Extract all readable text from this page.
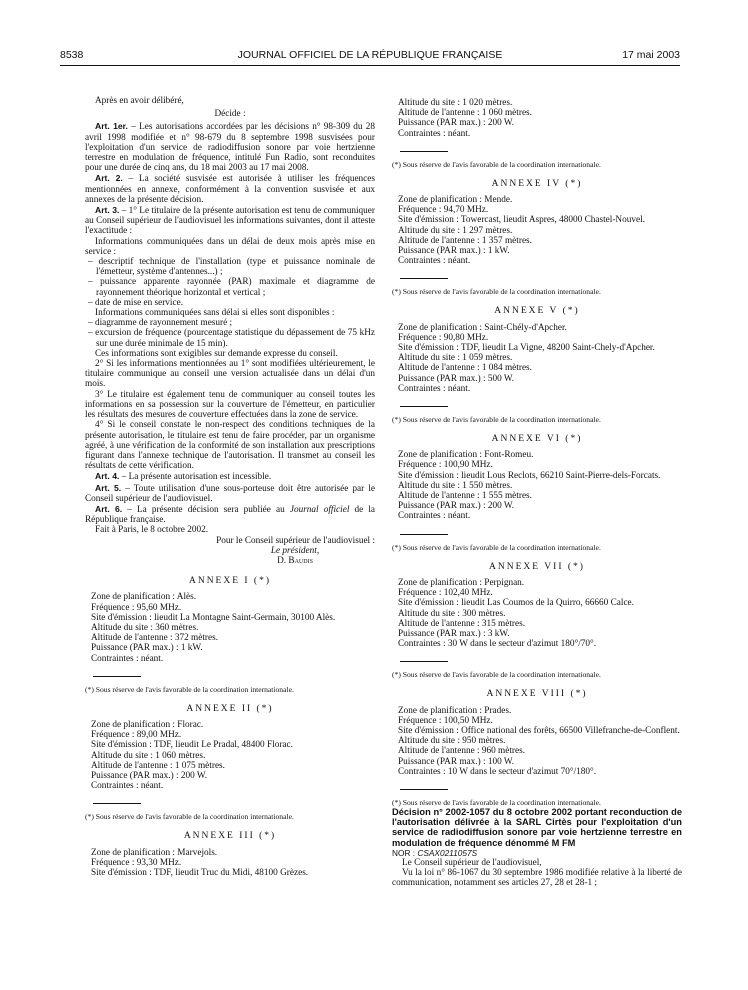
8538	JOURNAL OFFICIEL DE LA RÉPUBLIQUE FRANÇAISE	17 mai 2003

Après en avoir délibéré,

Décide :

Art. 1er. – Les autorisations accordées par les décisions n° 98-309 du 28 avril 1998 modifiée et n° 98-679 du 8 septembre 1998 susvisées pour l'exploitation d'un service de radiodiffusion sonore par voie hertzienne terrestre en modulation de fréquence, intitulé Fun Radio, sont reconduites pour une durée de cinq ans, du 18 mai 2003 au 17 mai 2008.

Art. 2. – La société susvisée est autorisée à utiliser les fréquences mentionnées en annexe, conformément à la convention susvisée et aux annexes de la présente décision.

Art. 3. – 1° Le titulaire de la présente autorisation est tenu de communiquer au Conseil supérieur de l'audiovisuel les informations suivantes, dont il atteste l'exactitude :

Informations communiquées dans un délai de deux mois après mise en service :

– descriptif technique de l'installation (type et puissance nominale de l'émetteur, système d'antennes...) ;

– puissance apparente rayonnée (PAR) maximale et diagramme de rayonnement théorique horizontal et vertical ;

– date de mise en service.

Informations communiquées sans délai si elles sont disponibles :

– diagramme de rayonnement mesuré ;

– excursion de fréquence (pourcentage statistique du dépassement de 75 kHz sur une durée minimale de 15 min).

Ces informations sont exigibles sur demande expresse du conseil.

2° Si les informations mentionnées au 1° sont modifiées ultérieurement, le titulaire communique au conseil une version actualisée dans un délai d'un mois.

3° Le titulaire est également tenu de communiquer au conseil toutes les informations en sa possession sur la couverture de l'émetteur, en particulier les résultats des mesures de couverture effectuées dans la zone de service.

4° Si le conseil constate le non-respect des conditions techniques de la présente autorisation, le titulaire est tenu de faire procéder, par un organisme agréé, à une vérification de la conformité de son installation aux prescriptions figurant dans l'annexe technique de l'autorisation. Il transmet au conseil les résultats de cette vérification.

Art. 4. – La présente autorisation est incessible.

Art. 5. – Toute utilisation d'une sous-porteuse doit être autorisée par le Conseil supérieur de l'audiovisuel.

Art. 6. – La présente décision sera publiée au Journal officiel de la République française.

Fait à Paris, le 8 octobre 2002.

Pour le Conseil supérieur de l'audiovisuel :

Le président,

D. Baudis

ANNEXE I (*)

Zone de planification : Alès.

Fréquence : 95,60 MHz.

Site d'émission : lieudit La Montagne Saint-Germain, 30100 Alès.

Altitude du site : 360 mètres.

Altitude de l'antenne : 372 mètres.

Puissance (PAR max.) : 1 kW.

Contraintes : néant.

(*) Sous réserve de l'avis favorable de la coordination internationale.

ANNEXE II (*)

Zone de planification : Florac.

Fréquence : 89,00 MHz.

Site d'émission : TDF, lieudit Le Pradal, 48400 Florac.

Altitude du site : 1 060 mètres.

Altitude de l'antenne : 1 075 mètres.

Puissance (PAR max.) : 200 W.

Contraintes : néant.

(*) Sous réserve de l'avis favorable de la coordination internationale.

ANNEXE III (*)

Zone de planification : Marvejols.

Fréquence : 93,30 MHz.

Site d'émission : TDF, lieudit Truc du Midi, 48100 Grèzes.

Altitude du site : 1 020 mètres.

Altitude de l'antenne : 1 060 mètres.

Puissance (PAR max.) : 200 W.

Contraintes : néant.

(*) Sous réserve de l'avis favorable de la coordination internationale.

ANNEXE IV (*)

Zone de planification : Mende.

Fréquence : 94,70 MHz.

Site d'émission : Towercast, lieudit Aspres, 48000 Chastel-Nouvel.

Altitude du site : 1 297 mètres.

Altitude de l'antenne : 1 357 mètres.

Puissance (PAR max.) : 1 kW.

Contraintes : néant.

(*) Sous réserve de l'avis favorable de la coordination internationale.

ANNEXE V (*)

Zone de planification : Saint-Chély-d'Apcher.

Fréquence : 90,80 MHz.

Site d'émission : TDF, lieudit La Vigne, 48200 Saint-Chely-d'Apcher.

Altitude du site : 1 059 mètres.

Altitude de l'antenne : 1 084 mètres.

Puissance (PAR max.) : 500 W.

Contraintes : néant.

(*) Sous réserve de l'avis favorable de la coordination internationale.

ANNEXE VI (*)

Zone de planification : Font-Romeu.

Fréquence : 100,90 MHz.

Site d'émission : lieudit Lous Reclots, 66210 Saint-Pierre-dels-Forcats.

Altitude du site : 1 550 mètres.

Altitude de l'antenne : 1 555 mètres.

Puissance (PAR max.) : 200 W.

Contraintes : néant.

(*) Sous réserve de l'avis favorable de la coordination internationale.

ANNEXE VII (*)

Zone de planification : Perpignan.

Fréquence : 102,40 MHz.

Site d'émission : lieudit Las Coumos de la Quirro, 66660 Calce.

Altitude du site : 300 mètres.

Altitude de l'antenne : 315 mètres.

Puissance (PAR max.) : 3 kW.

Contraintes : 30 W dans le secteur d'azimut 180°/70°.

(*) Sous réserve de l'avis favorable de la coordination internationale.

ANNEXE VIII (*)

Zone de planification : Prades.

Fréquence : 100,50 MHz.

Site d'émission : Office national des forêts, 66500 Villefranche-de-Conflent.

Altitude du site : 950 mètres.

Altitude de l'antenne : 960 mètres.

Puissance (PAR max.) : 100 W.

Contraintes : 10 W dans le secteur d'azimut 70°/180°.

(*) Sous réserve de l'avis favorable de la coordination internationale.

Décision n° 2002-1057 du 8 octobre 2002 portant reconduction de l'autorisation délivrée à la SARL Cirtès pour l'exploitation d'un service de radiodiffusion sonore par voie hertzienne terrestre en modulation de fréquence dénommé M FM

NOR : CSAX0211057S

Le Conseil supérieur de l'audiovisuel,

Vu la loi n° 86-1067 du 30 septembre 1986 modifiée relative à la liberté de communication, notamment ses articles 27, 28 et 28-1 ;
